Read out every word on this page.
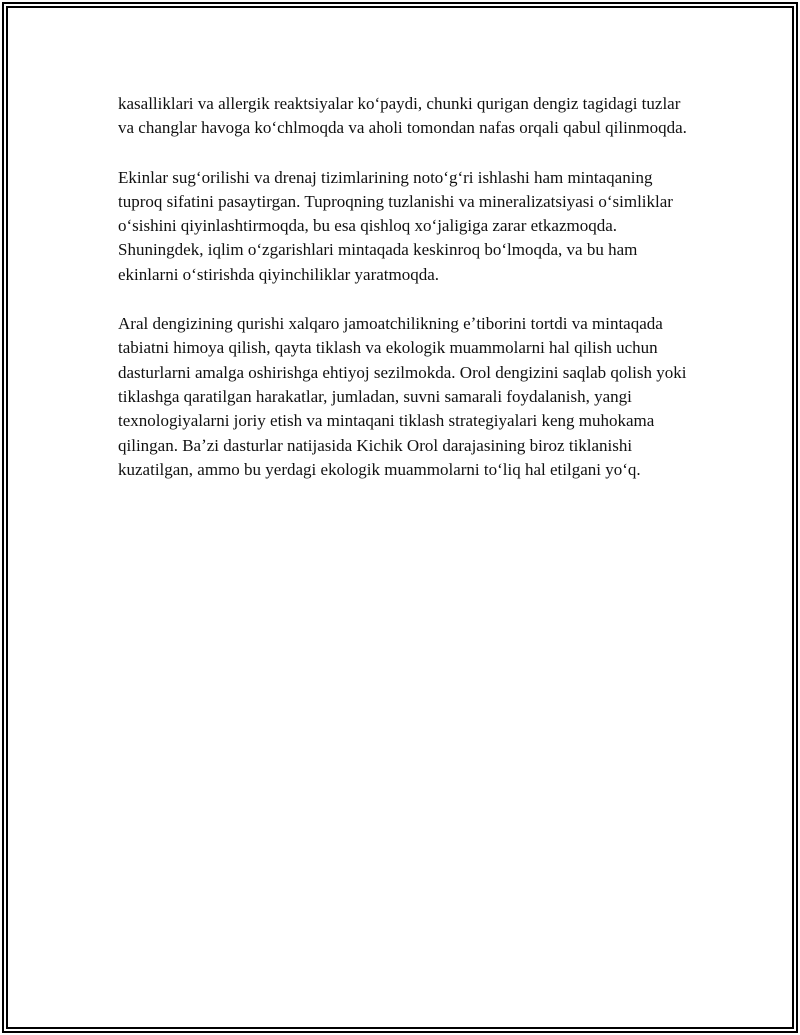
kasalliklari va allergik reaktsiyalar koʻpaydi, chunki qurigan dengiz tagidagi tuzlar va changlar havoga koʻchlmoqda va aholi tomondan nafas orqali qabul qilinmoqda.

Ekinlar sugʻorilishi va drenaj tizimlarining notoʻgʻri ishlashi ham mintaqaning tuproq sifatini pasaytirgan. Tuproqning tuzlanishi va mineralizatsiyasi oʻsimliklar oʻsishini qiyinlashtirmoqda, bu esa qishloq xoʻjaligiga zarar etkazmoqda. Shuningdek, iqlim oʻzgarishlari mintaqada keskinroq boʻlmoqda, va bu ham ekinlarni oʻstirishda qiyinchiliklar yaratmoqda.

Aral dengizining qurishi xalqaro jamoatchilikning eʼtiborini tortdi va mintaqada tabiatni himoya qilish, qayta tiklash va ekologik muammolarni hal qilish uchun dasturlarni amalga oshirishga ehtiyoj sezilmokda. Orol dengizini saqlab qolish yoki tiklashga qaratilgan harakatlar, jumladan, suvni samarali foydalanish, yangi texnologiyalarni joriy etish va mintaqani tiklash strategiyalari keng muhokama qilingan. Baʼzi dasturlar natijasida Kichik Orol darajasining biroz tiklanishi kuzatilgan, ammo bu yerdagi ekologik muammolarni toʻliq hal etilgani yoʻq.
